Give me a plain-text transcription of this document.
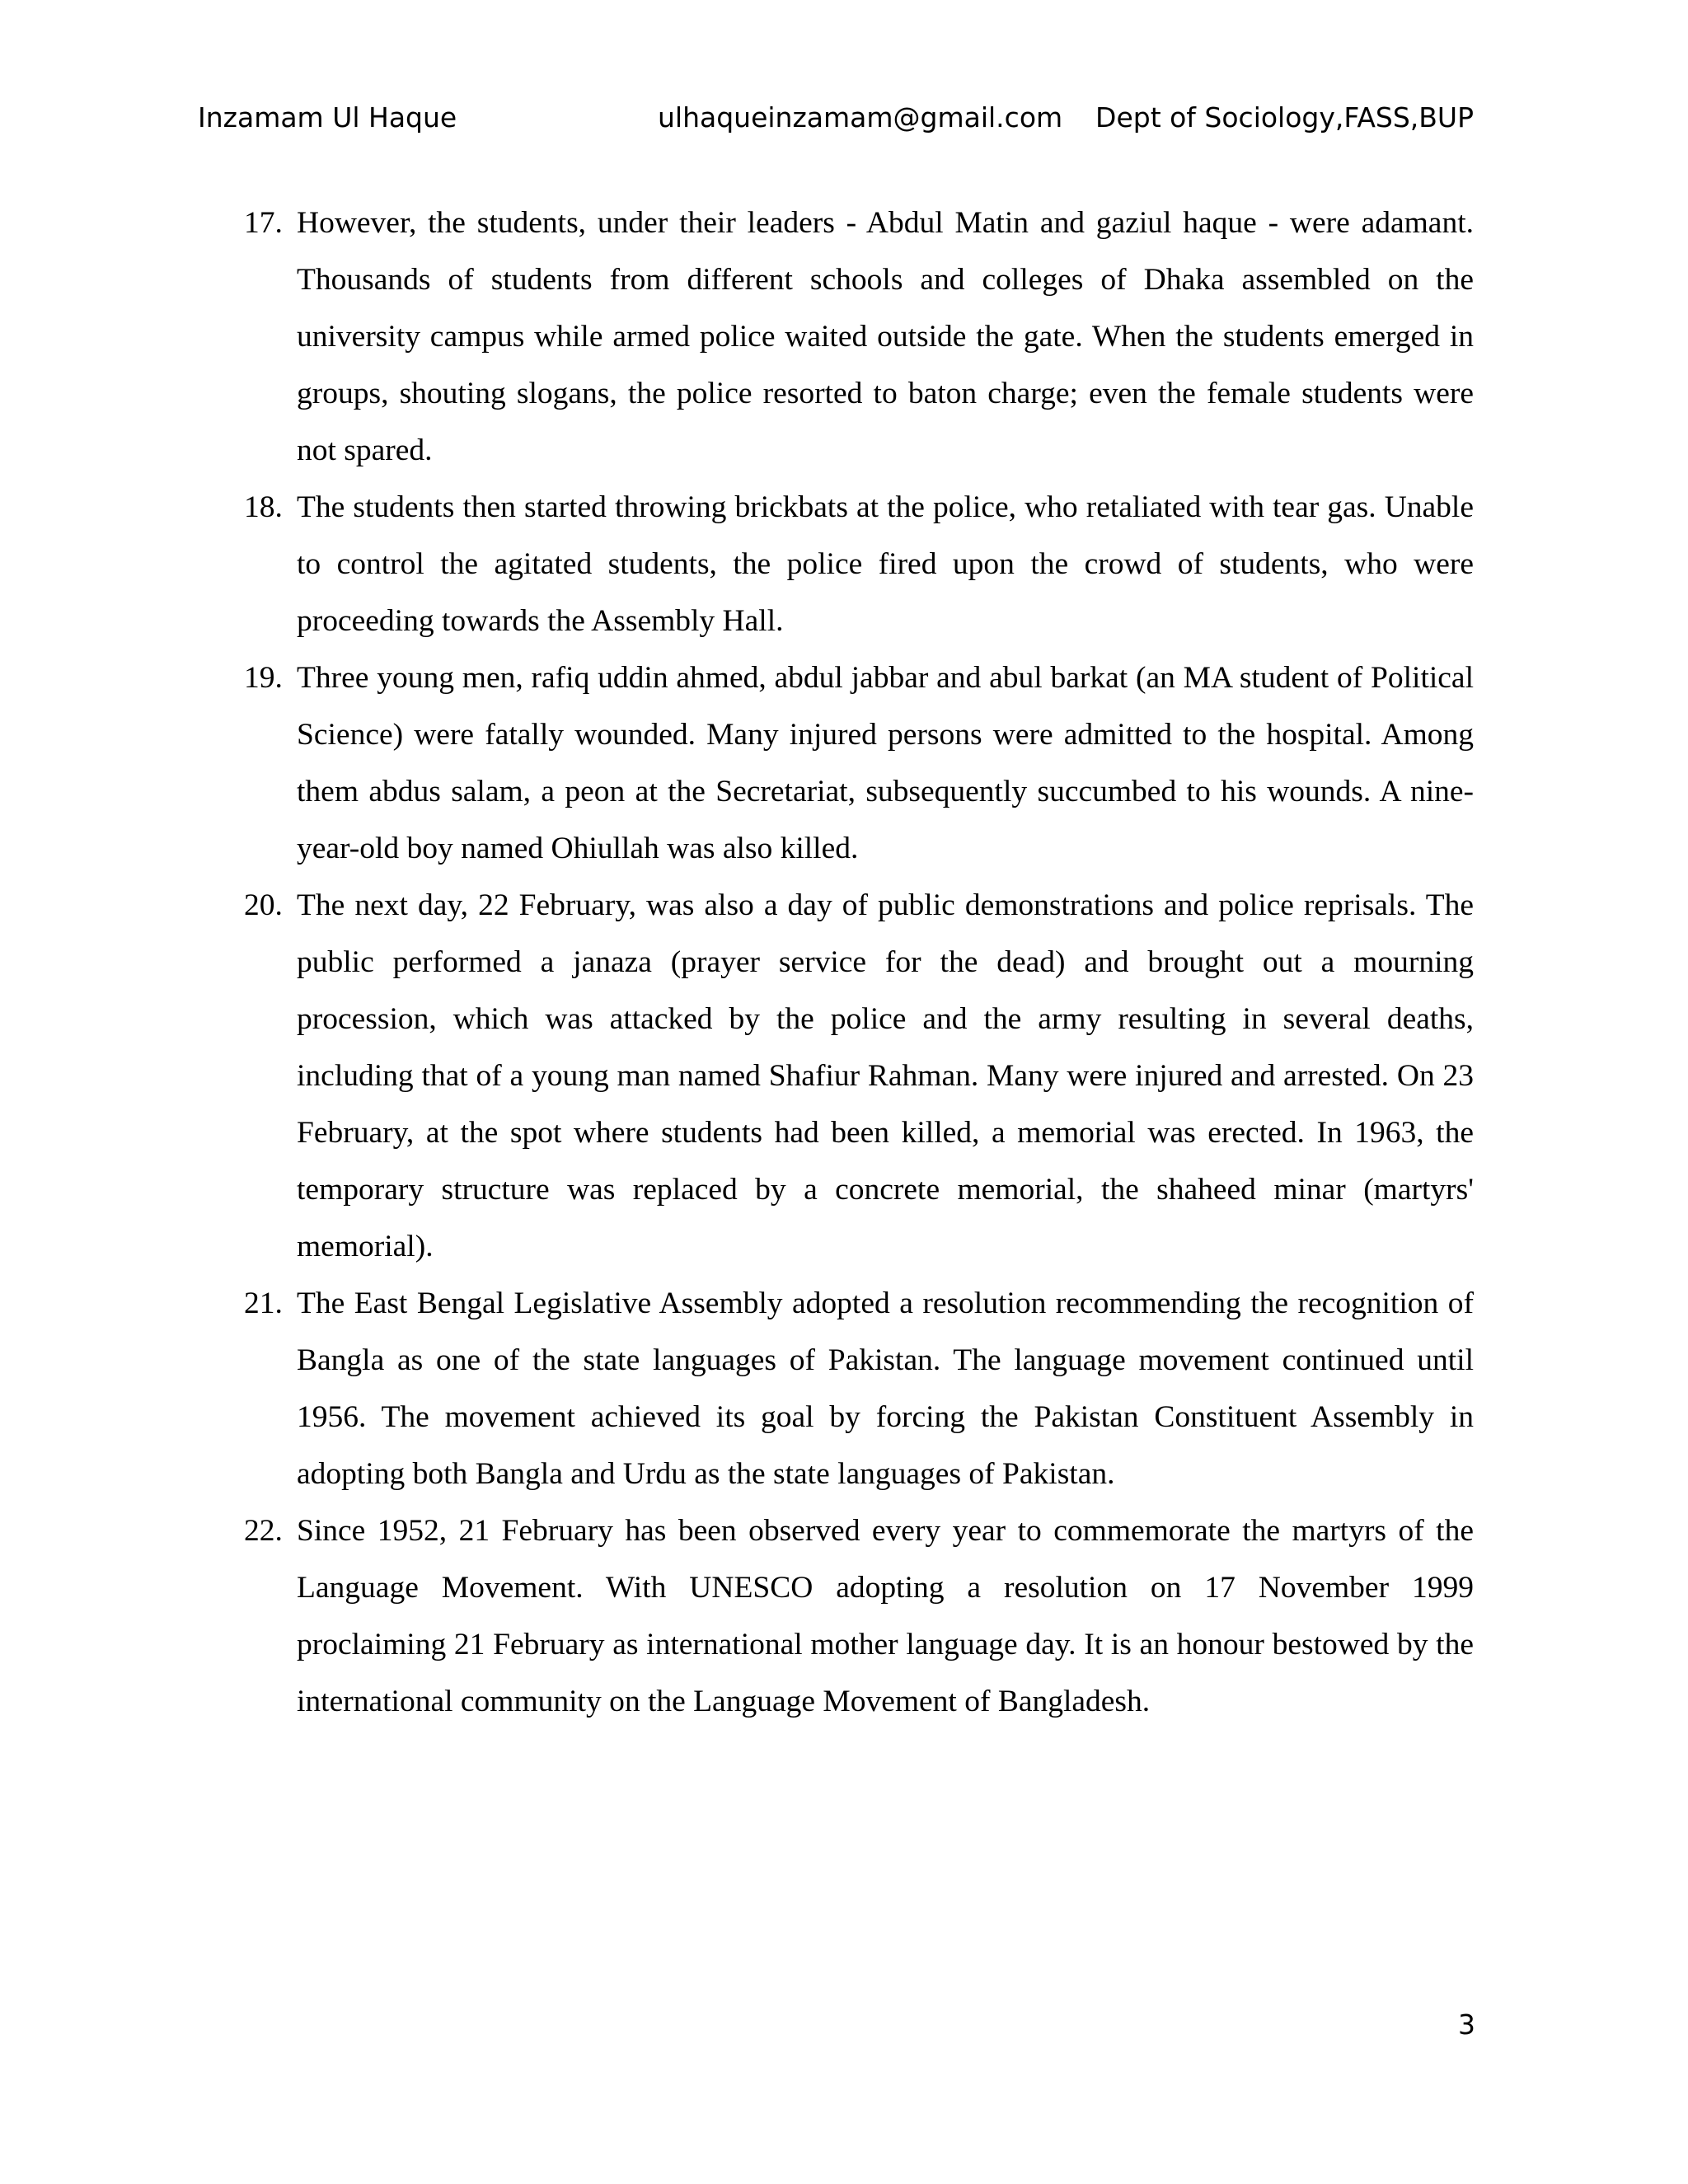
Inzamam Ul Haque	ulhaqueinzamam@gmail.com Dept of Sociology,FASS,BUP
17. However, the students, under their leaders - Abdul Matin and gaziul haque - were adamant. Thousands of students from different schools and colleges of Dhaka assembled on the university campus while armed police waited outside the gate. When the students emerged in groups, shouting slogans, the police resorted to baton charge; even the female students were not spared.
18. The students then started throwing brickbats at the police, who retaliated with tear gas. Unable to control the agitated students, the police fired upon the crowd of students, who were proceeding towards the Assembly Hall.
19. Three young men, rafiq uddin ahmed, abdul jabbar and abul barkat (an MA student of Political Science) were fatally wounded. Many injured persons were admitted to the hospital. Among them abdus salam, a peon at the Secretariat, subsequently succumbed to his wounds. A nine-year-old boy named Ohiullah was also killed.
20. The next day, 22 February, was also a day of public demonstrations and police reprisals. The public performed a janaza (prayer service for the dead) and brought out a mourning procession, which was attacked by the police and the army resulting in several deaths, including that of a young man named Shafiur Rahman. Many were injured and arrested. On 23 February, at the spot where students had been killed, a memorial was erected. In 1963, the temporary structure was replaced by a concrete memorial, the shaheed minar (martyrs' memorial).
21. The East Bengal Legislative Assembly adopted a resolution recommending the recognition of Bangla as one of the state languages of Pakistan. The language movement continued until 1956. The movement achieved its goal by forcing the Pakistan Constituent Assembly in adopting both Bangla and Urdu as the state languages of Pakistan.
22. Since 1952, 21 February has been observed every year to commemorate the martyrs of the Language Movement. With UNESCO adopting a resolution on 17 November 1999 proclaiming 21 February as international mother language day. It is an honour bestowed by the international community on the Language Movement of Bangladesh.
3
